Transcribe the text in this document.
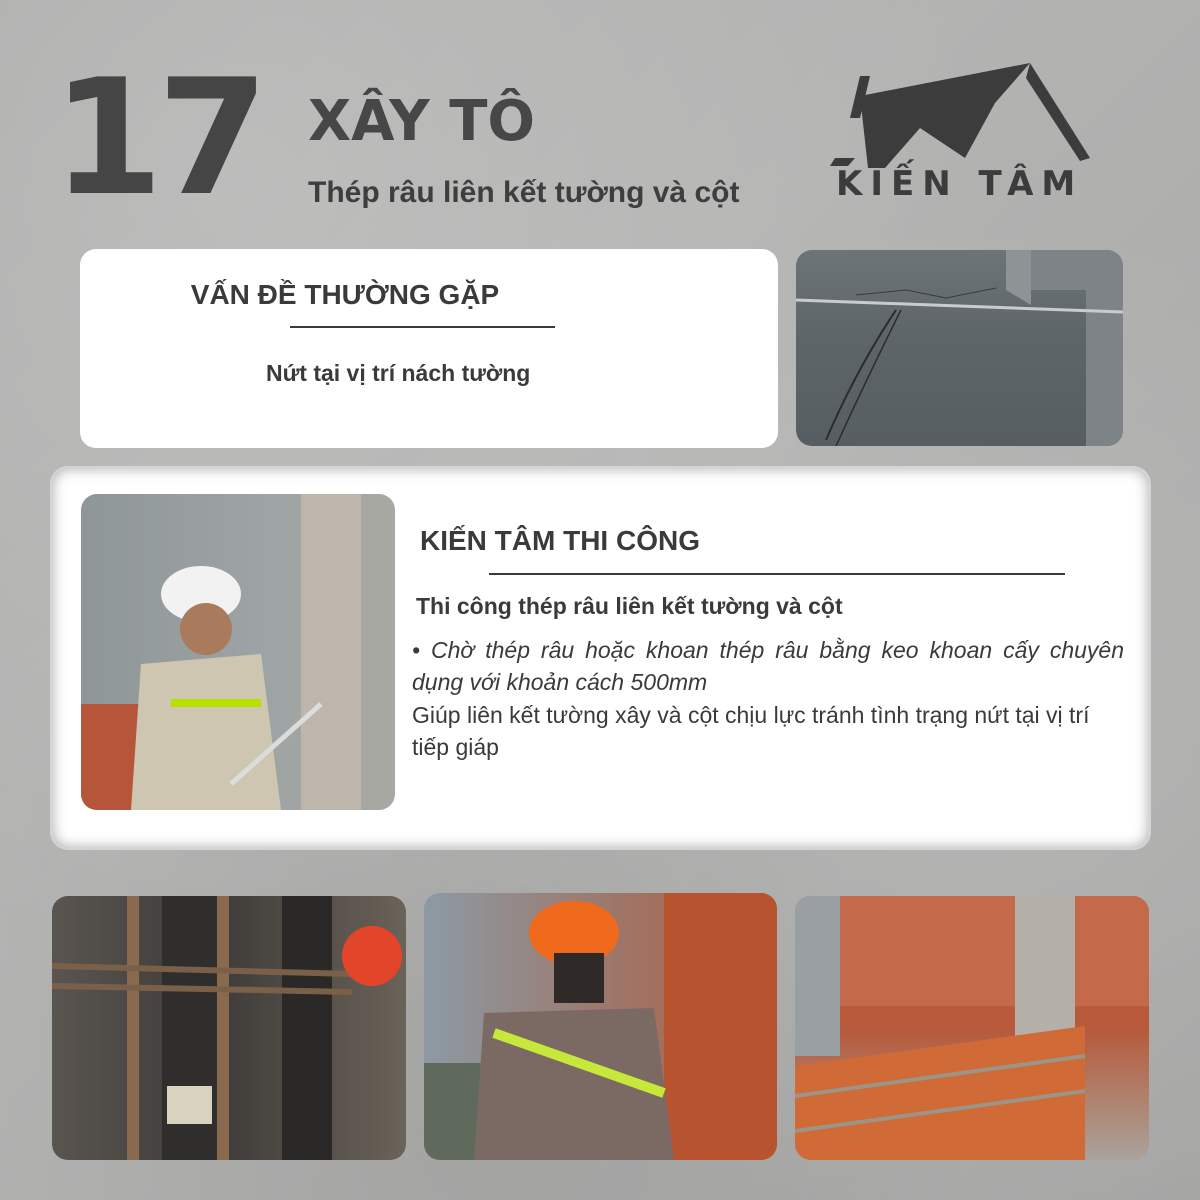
17 XÂY TÔ
Thép râu liên kết tường và cột	KIẾN TÂM
VẤN ĐỀ THƯỜNG GẶP
Nứt tại vị trí nách tường
KIẾN TÂM THI CÔNG
Thi công thép râu liên kết tường và cột
• Chờ thép râu hoặc khoan thép râu bằng keo khoan cấy chuyên dụng với khoản cách 500mm
Giúp liên kết tường xây và cột chịu lực tránh tình trạng nứt tại vị trí tiếp giáp
